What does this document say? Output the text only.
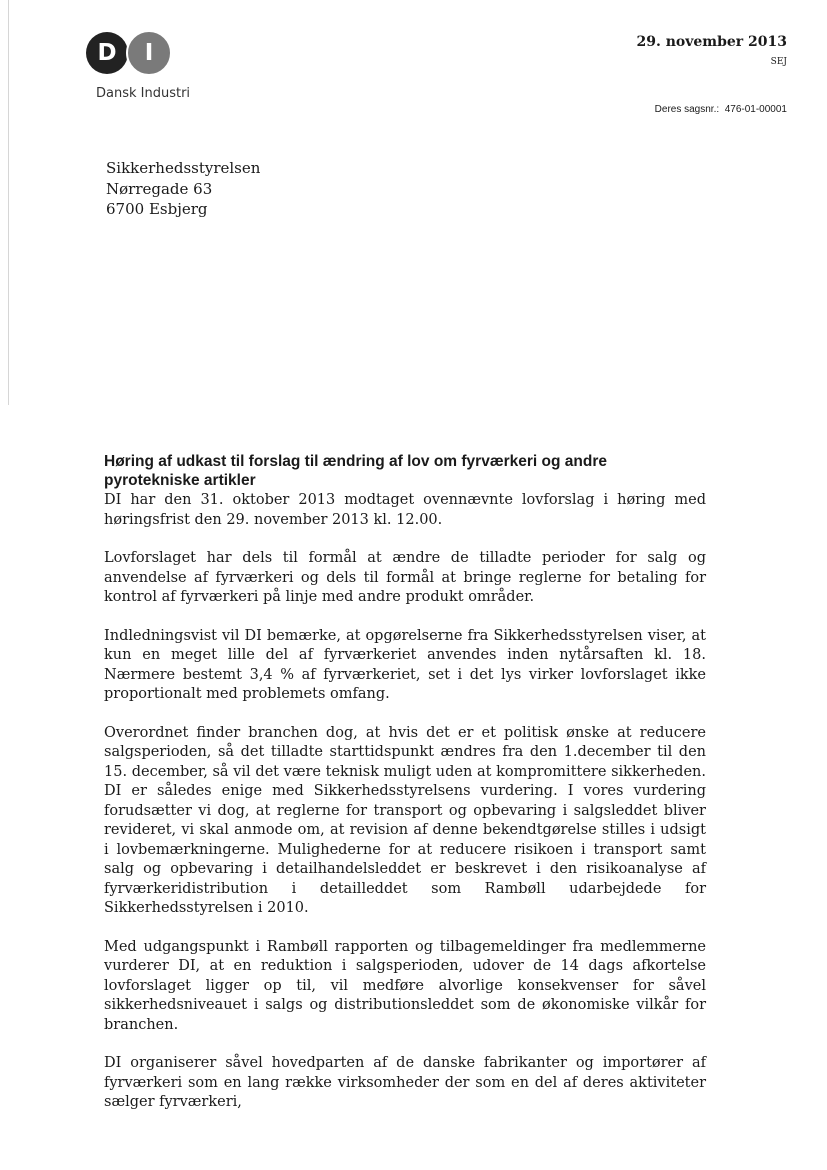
D	I
Dansk Industri
29. november 2013
SEJ
Deres sagsnr.: 476-01-00001
Sikkerhedsstyrelsen
Nørregade 63
6700 Esbjerg
Høring af udkast til forslag til ændring af lov om fyrværkeri og andre pyrotekniske artikler

DI har den 31. oktober 2013 modtaget ovennævnte lovforslag i høring med høringsfrist den 29. november 2013 kl. 12.00.

Lovforslaget har dels til formål at ændre de tilladte perioder for salg og anvendelse af fyrværkeri og dels til formål at bringe reglerne for betaling for kontrol af fyrværkeri på linje med andre produkt områder.

Indledningsvist vil DI bemærke, at opgørelserne fra Sikkerhedsstyrelsen viser, at kun en meget lille del af fyrværkeriet anvendes inden nytårsaften kl. 18. Nærmere bestemt 3,4 % af fyrværkeriet, set i det lys virker lovforslaget ikke proportionalt med problemets omfang.

Overordnet finder branchen dog, at hvis det er et politisk ønske at reducere salgsperioden, så det tilladte starttidspunkt ændres fra den 1.december til den 15. december, så vil det være teknisk muligt uden at kompromittere sikkerheden. DI er således enige med Sikkerhedsstyrelsens vurdering. I vores vurdering forudsætter vi dog, at reglerne for transport og opbevaring i salgsleddet bliver revideret, vi skal anmode om, at revision af denne bekendtgørelse stilles i udsigt i lovbemærkningerne. Mulighederne for at reducere risikoen i transport samt salg og opbevaring i detailhandelsleddet er beskrevet i den risikoanalyse af fyrværkeridistribution i detailleddet som Rambøll udarbejdede for Sikkerhedsstyrelsen i 2010.

Med udgangspunkt i Rambøll rapporten og tilbagemeldinger fra medlemmerne vurderer DI, at en reduktion i salgsperioden, udover de 14 dags afkortelse lovforslaget ligger op til, vil medføre alvorlige konsekvenser for såvel sikkerhedsniveauet i salgs og distributionsleddet som de økonomiske vilkår for branchen.

DI organiserer såvel hovedparten af de danske fabrikanter og importører af fyrværkeri som en lang række virksomheder der som en del af deres aktiviteter sælger fyrværkeri,
